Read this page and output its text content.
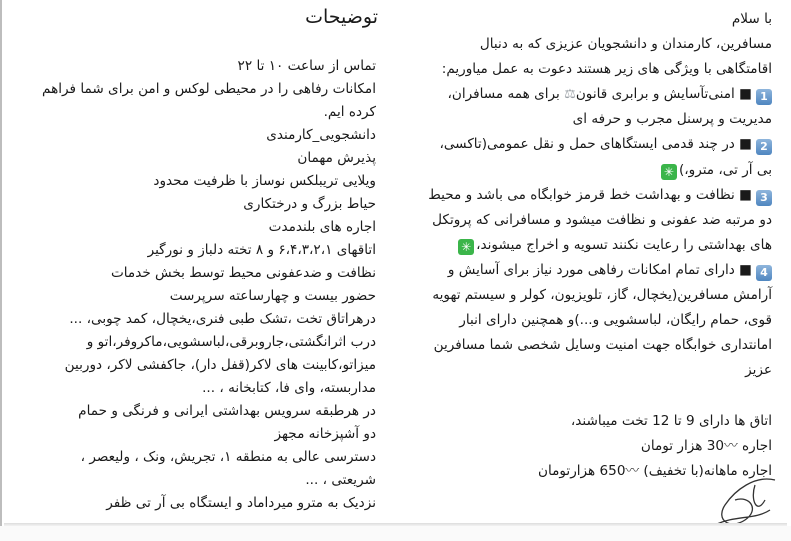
توضیحات
تماس از ساعت ۱۰ تا ۲۲
امکانات رفاهی را در محیطی لوکس و امن برای شما فراهم
کرده ایم.
دانشجویی_کارمندی
پذیرش مهمان
ویلایی تریبلکس نوساز با ظرفیت محدود
حیاط بزرگ و درختکاری
اجاره های بلندمدت
اتاقهای ۶،۴،۳،۲،۱ و ۸ تخته دلباز و نورگیر
نظافت و ضدعفونی محیط توسط بخش خدمات
حضور بیست و چهارساعته سرپرست
درهراتاق تخت ،تشک طبی فنری،یخچال، کمد چوبی، ...
درب اثرانگشتی،جاروبرقی،لباسشویی،ماکروفر،اتو و
میزاتو،کابینت های لاکر(قفل دار)، جاکفشی لاکر، دوربین
مداربسته، وای فا، کتابخانه ، ...
در هرطبقه سرویس بهداشتی ایرانی و فرنگی و حمام
دو آشپزخانه مجهز
دسترسی عالی به منطقه ۱، تجریش، ونک ، ولیعصر ،
شریعتی ، ...
نزدیک به مترو میرداماد و ایستگاه بی آر تی ظفر
با سلام
مسافرین، کارمندان و دانشجویان عزیزی که به دنبال
اقامتگاهی با ویژگی های زیر هستند دعوت به عمل میاوریم:
1■ امنی‌تآسایش و برابری قانون⚖ برای همه مسافران،
مدیریت و پرسنل مجرب و حرفه ای
2■ در چند قدمی ایستگاهای حمل و نقل عمومی(تاکسی،
بی آر تی، مترو،)✳
3■ نظافت و بهداشت خط قرمز خوابگاه می باشد و محیط
دو مرتبه ضد عفونی و نظافت میشود و مسافرانی که پروتکل
های بهداشتی را رعایت نکنند تسویه و اخراج میشوند،✳
4■ دارای تمام امکانات رفاهی مورد نیاز برای آسایش و
آرامش مسافرین(یخچال، گاز، تلویزیون، کولر و سیستم تهویه
قوی، حمام رایگان، لباسشویی و...)و همچنین دارای انبار
امانتداری خوابگاه جهت امنیت وسایل شخصی شما مسافرین
عزیز
اتاق ها دارای 9 تا 12 تخت میباشند،
اجاره 〰30 هزار تومان
اجاره ماهانه(با تخفیف) 〰650 هزارتومان
